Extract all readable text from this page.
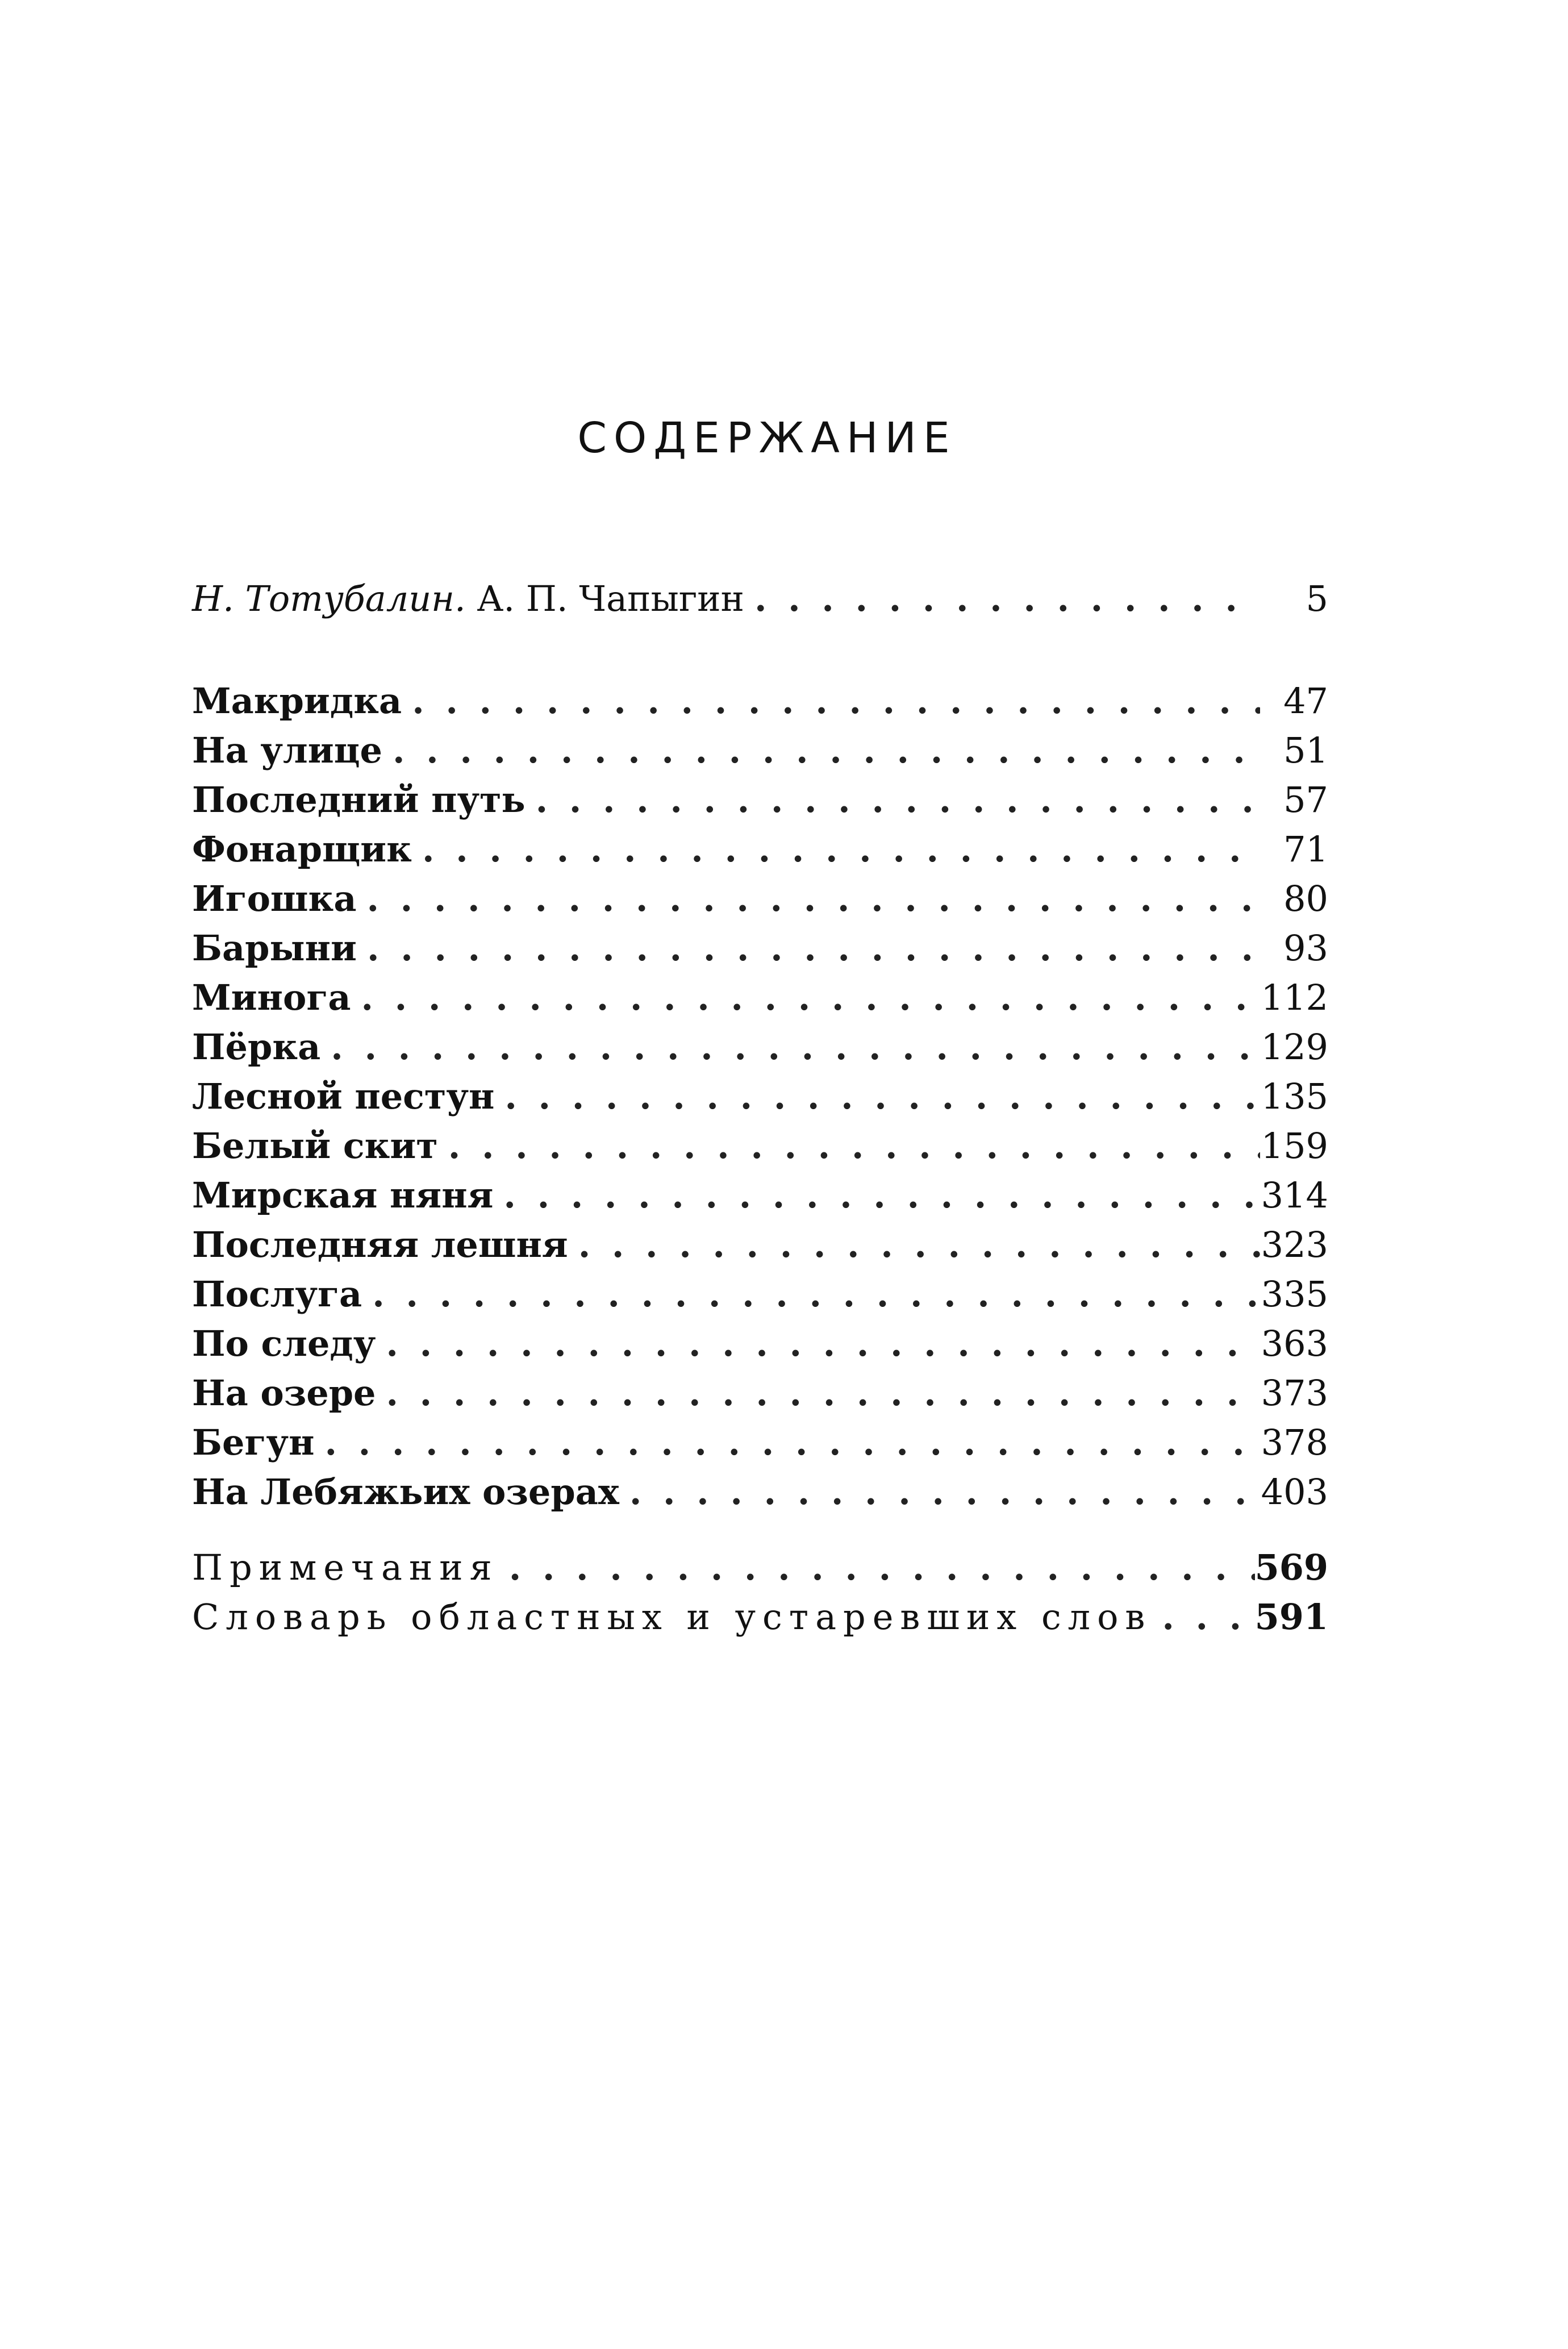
СОДЕРЖАНИЕ
Н. Тотубалин. А. П. Чапыгин . . .	5
Макридка . . .	47
На улице . . .	51
Последний путь . . .	57
Фонарщик . . .	71
Игошка . . .	80
Барыни . . .	93
Минога . . .	112
Пёрка . . .	129
Лесной пестун . . .	135
Белый скит . . .	159
Мирская няня . . .	314
Последняя лешня . . .	323
Послуга . . .	335
По следу . . .	363
На озере . . .	373
Бегун . . .	378
На Лебяжьих озерах . . .	403
Примечания . . .	569
Словарь областных и устаревших слов . . .	591
